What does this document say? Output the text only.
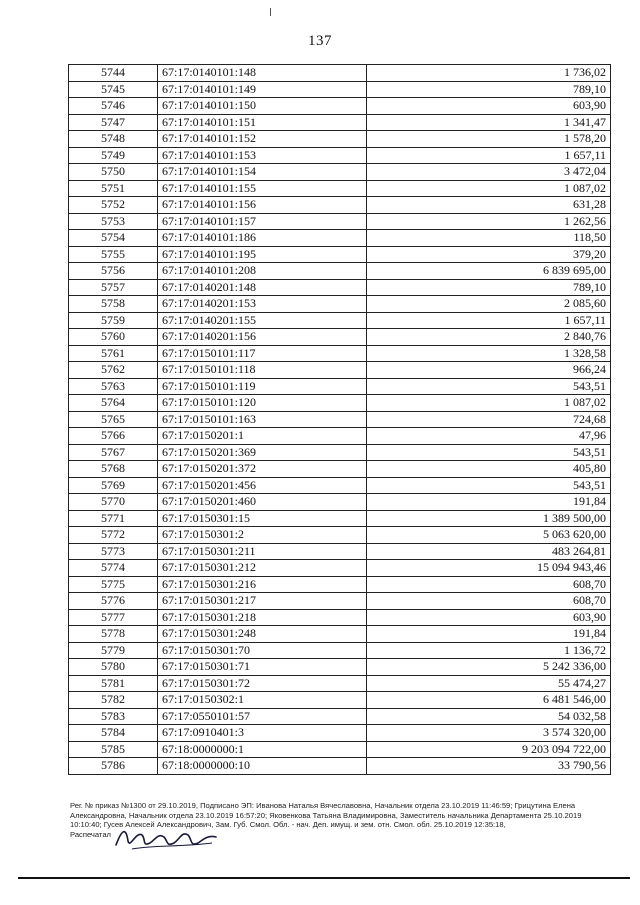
137
5744	67:17:0140101:148	1 736,02
5745	67:17:0140101:149	789,10
5746	67:17:0140101:150	603,90
5747	67:17:0140101:151	1 341,47
5748	67:17:0140101:152	1 578,20
5749	67:17:0140101:153	1 657,11
5750	67:17:0140101:154	3 472,04
5751	67:17:0140101:155	1 087,02
5752	67:17:0140101:156	631,28
5753	67:17:0140101:157	1 262,56
5754	67:17:0140101:186	118,50
5755	67:17:0140101:195	379,20
5756	67:17:0140101:208	6 839 695,00
5757	67:17:0140201:148	789,10
5758	67:17:0140201:153	2 085,60
5759	67:17:0140201:155	1 657,11
5760	67:17:0140201:156	2 840,76
5761	67:17:0150101:117	1 328,58
5762	67:17:0150101:118	966,24
5763	67:17:0150101:119	543,51
5764	67:17:0150101:120	1 087,02
5765	67:17:0150101:163	724,68
5766	67:17:0150201:1	47,96
5767	67:17:0150201:369	543,51
5768	67:17:0150201:372	405,80
5769	67:17:0150201:456	543,51
5770	67:17:0150201:460	191,84
5771	67:17:0150301:15	1 389 500,00
5772	67:17:0150301:2	5 063 620,00
5773	67:17:0150301:211	483 264,81
5774	67:17:0150301:212	15 094 943,46
5775	67:17:0150301:216	608,70
5776	67:17:0150301:217	608,70
5777	67:17:0150301:218	603,90
5778	67:17:0150301:248	191,84
5779	67:17:0150301:70	1 136,72
5780	67:17:0150301:71	5 242 336,00
5781	67:17:0150301:72	55 474,27
5782	67:17:0150302:1	6 481 546,00
5783	67:17:0550101:57	54 032,58
5784	67:17:0910401:3	3 574 320,00
5785	67:18:0000000:1	9 203 094 722,00
5786	67:18:0000000:10	33 790,56
Рег. № приказ №1300 от 29.10.2019, Подписано ЭП: Иванова Наталья Вячеславовна, Начальник отдела 23.10.2019 11:46:59; Грицутина Елена Александровна, Начальник отдела 23.10.2019 16:57:20; Яковенкова Татьяна Владимировна, Заместитель начальника Департамента 25.10.2019 10:10:40; Гусев Алексей Александрович, Зам. Губ. Смол. Обл. - нач. Деп. имущ. и зем. отн. Смол. обл. 25.10.2019 12:35:18,
Распечатал
